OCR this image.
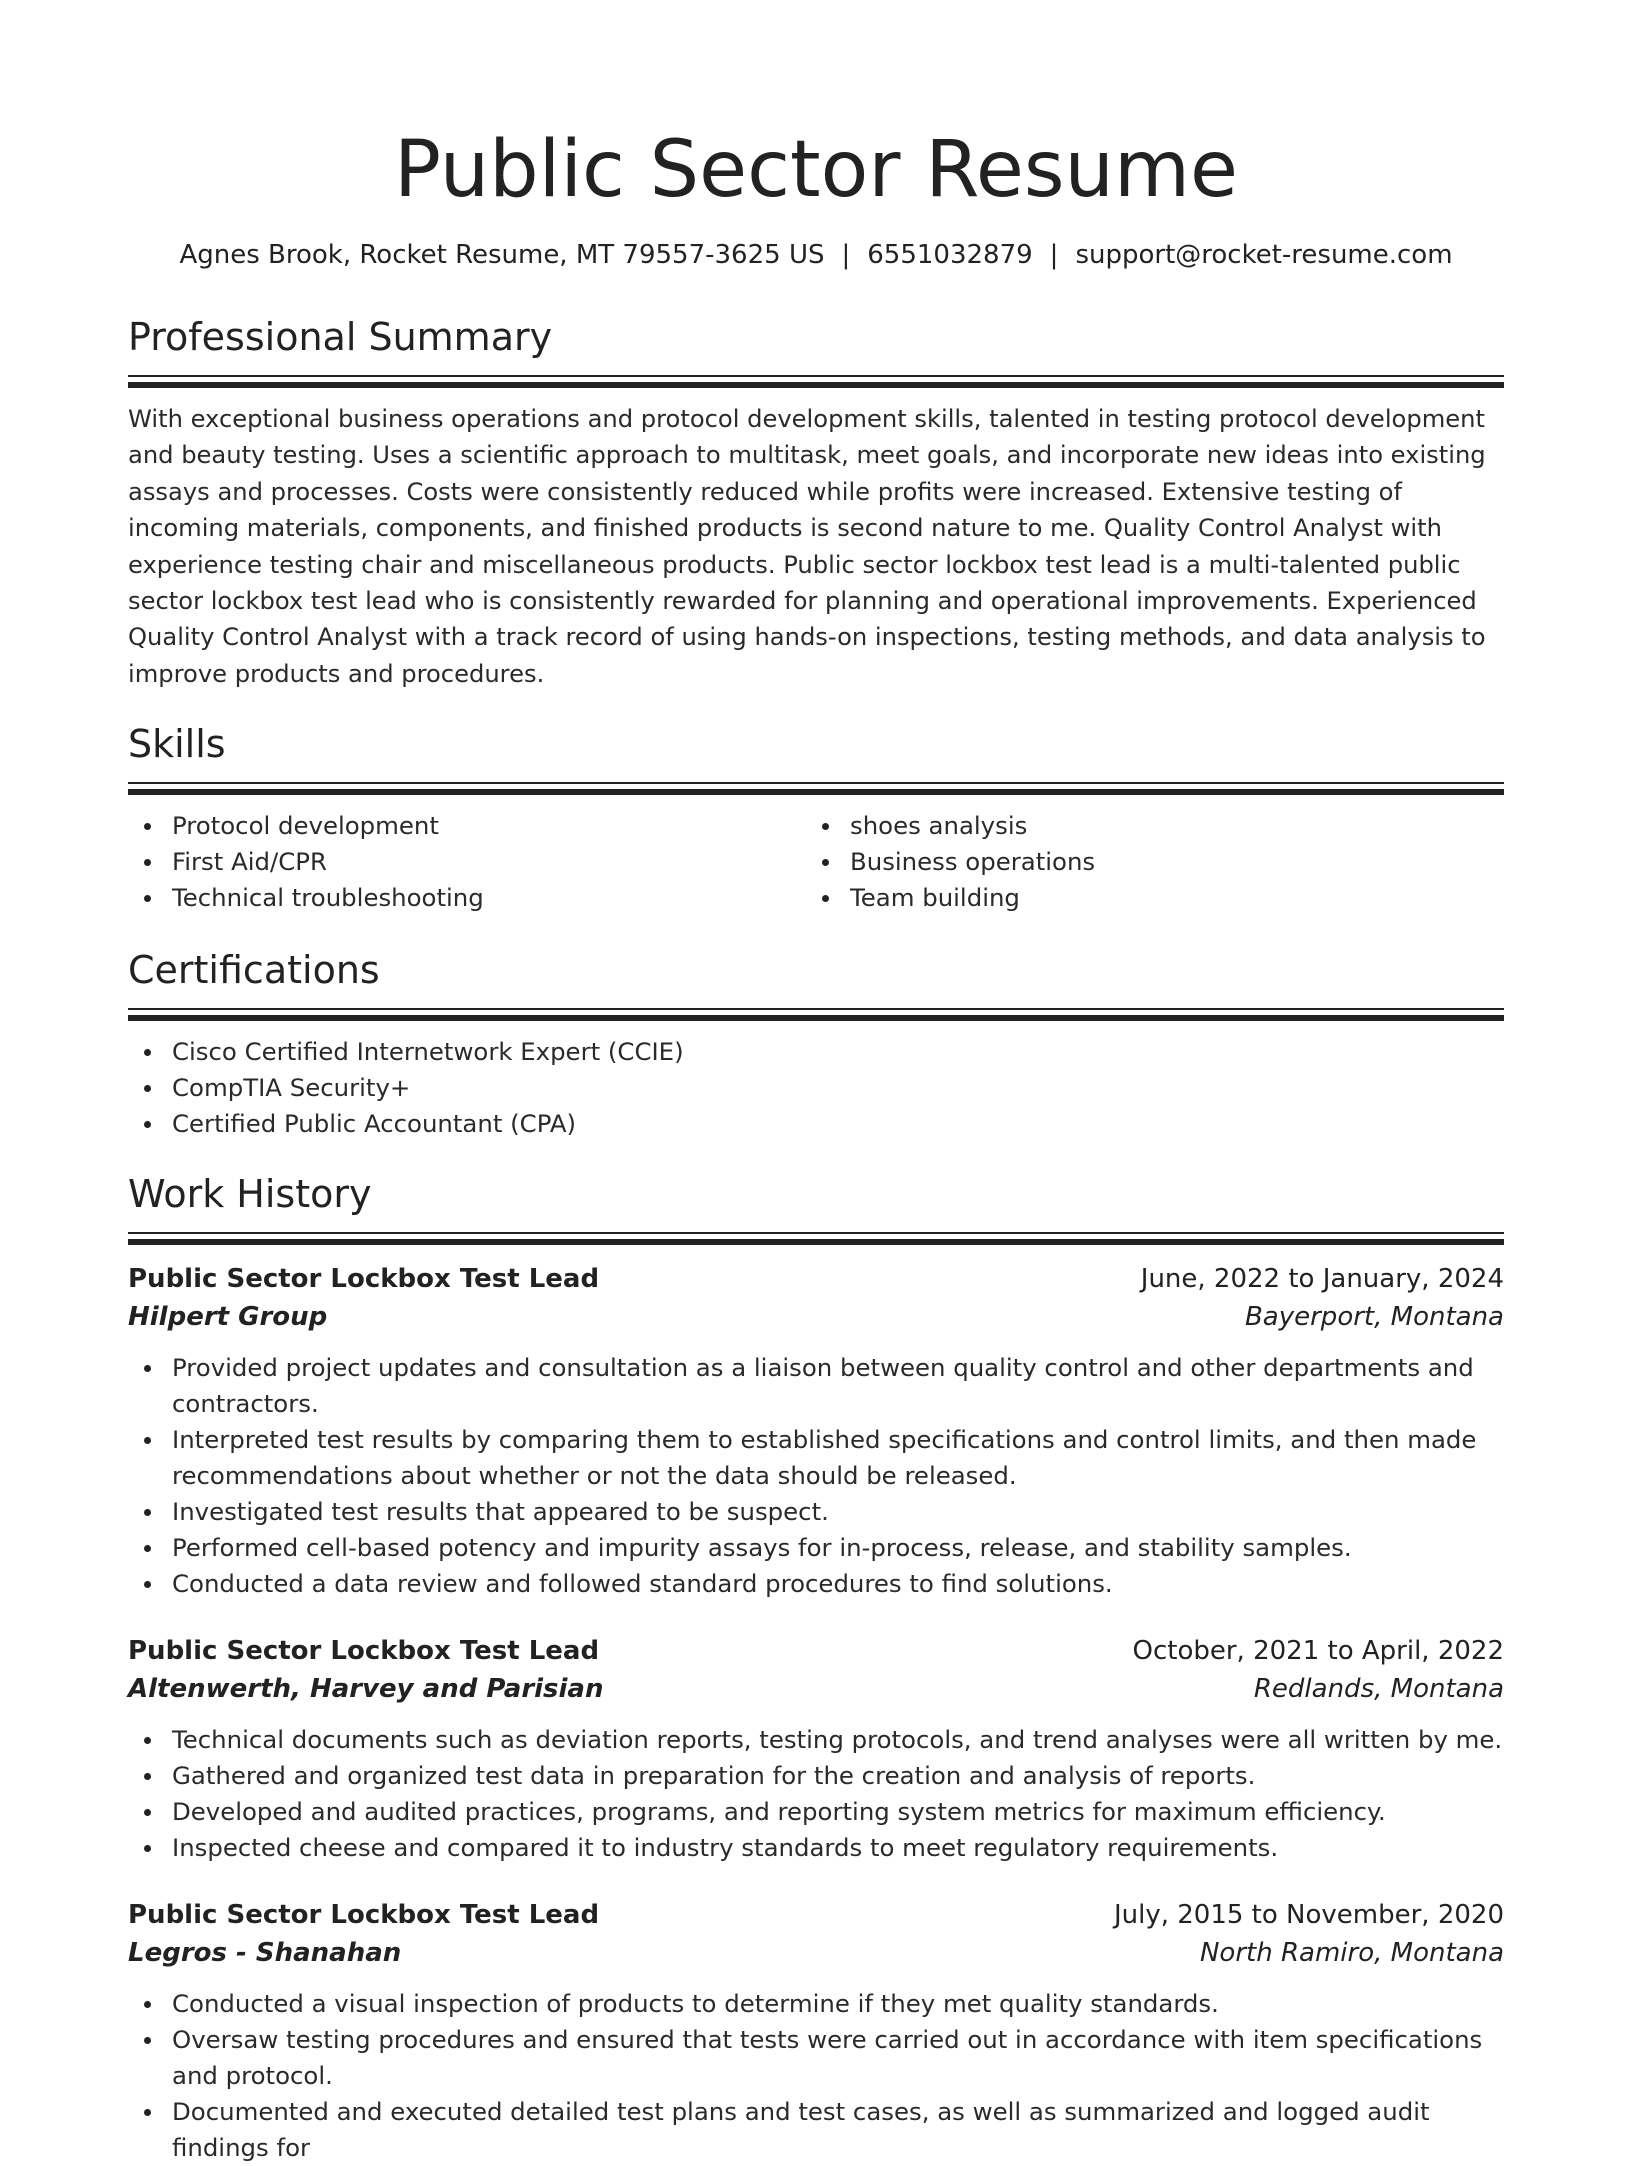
Public Sector Resume
Agnes Brook, Rocket Resume, MT 79557-3625 US | 6551032879 | support@rocket-resume.com
Professional Summary
With exceptional business operations and protocol development skills, talented in testing protocol development and beauty testing. Uses a scientific approach to multitask, meet goals, and incorporate new ideas into existing assays and processes. Costs were consistently reduced while profits were increased. Extensive testing of incoming materials, components, and finished products is second nature to me. Quality Control Analyst with experience testing chair and miscellaneous products. Public sector lockbox test lead is a multi-talented public sector lockbox test lead who is consistently rewarded for planning and operational improvements. Experienced Quality Control Analyst with a track record of using hands-on inspections, testing methods, and data analysis to improve products and procedures.
Skills
Protocol development
First Aid/CPR
Technical troubleshooting
shoes analysis
Business operations
Team building
Certifications
Cisco Certified Internetwork Expert (CCIE)
CompTIA Security+
Certified Public Accountant (CPA)
Work History
Public Sector Lockbox Test Lead	June, 2022 to January, 2024
Hilpert Group	Bayerport, Montana
Provided project updates and consultation as a liaison between quality control and other departments and contractors.
Interpreted test results by comparing them to established specifications and control limits, and then made recommendations about whether or not the data should be released.
Investigated test results that appeared to be suspect.
Performed cell-based potency and impurity assays for in-process, release, and stability samples.
Conducted a data review and followed standard procedures to find solutions.
Public Sector Lockbox Test Lead	October, 2021 to April, 2022
Altenwerth, Harvey and Parisian	Redlands, Montana
Technical documents such as deviation reports, testing protocols, and trend analyses were all written by me.
Gathered and organized test data in preparation for the creation and analysis of reports.
Developed and audited practices, programs, and reporting system metrics for maximum efficiency.
Inspected cheese and compared it to industry standards to meet regulatory requirements.
Public Sector Lockbox Test Lead	July, 2015 to November, 2020
Legros - Shanahan	North Ramiro, Montana
Conducted a visual inspection of products to determine if they met quality standards.
Oversaw testing procedures and ensured that tests were carried out in accordance with item specifications and protocol.
Documented and executed detailed test plans and test cases, as well as summarized and logged audit findings for
